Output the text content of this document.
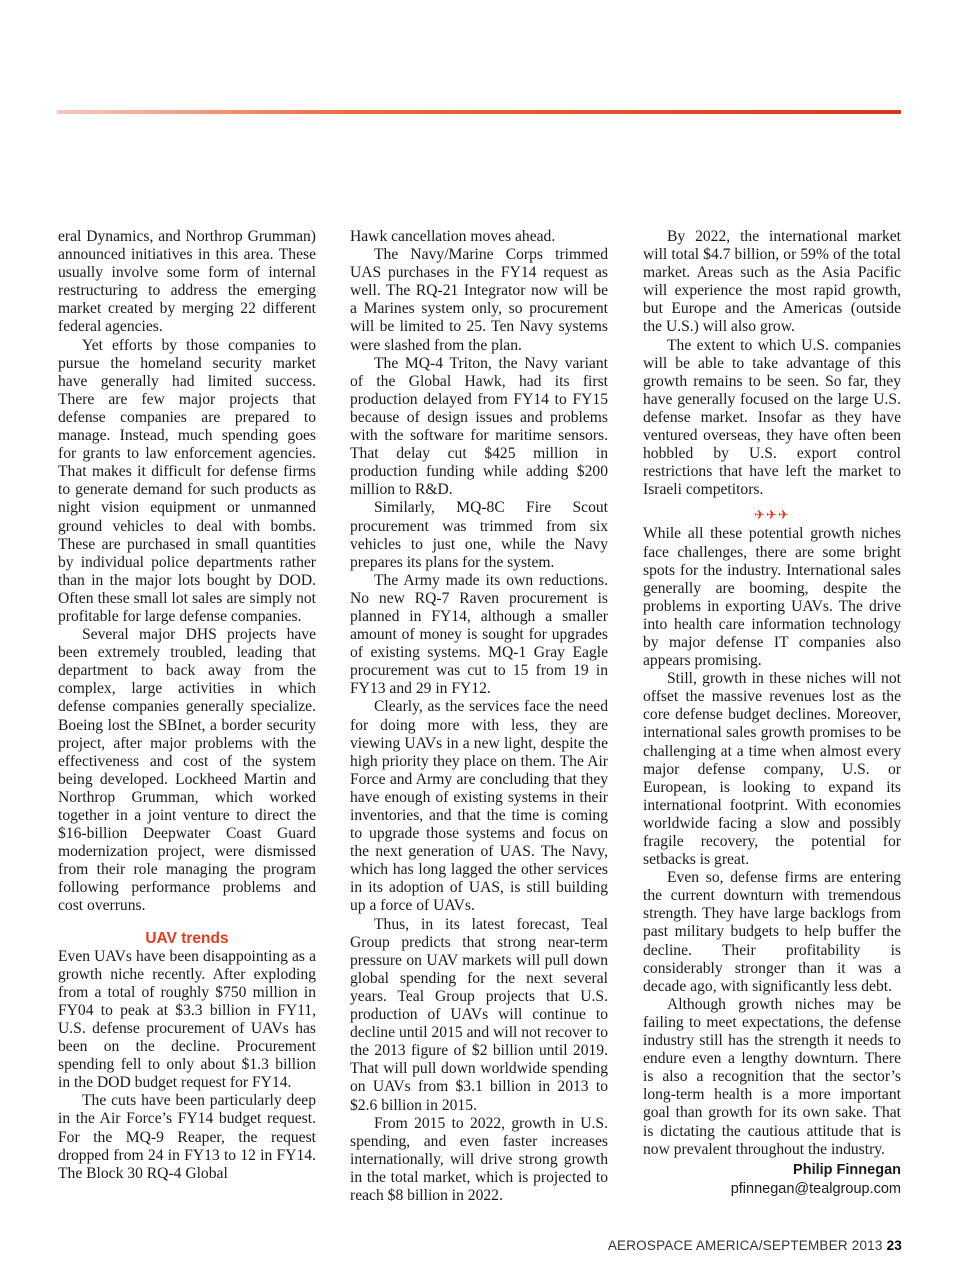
eral Dynamics, and Northrop Grumman) announced initiatives in this area. These usually involve some form of internal restructuring to address the emerging market created by merging 22 different federal agencies.

Yet efforts by those companies to pursue the homeland security market have generally had limited success. There are few major projects that defense companies are prepared to manage. Instead, much spending goes for grants to law enforcement agencies. That makes it difficult for defense firms to generate demand for such products as night vision equipment or unmanned ground vehicles to deal with bombs. These are purchased in small quantities by individual police departments rather than in the major lots bought by DOD. Often these small lot sales are simply not profitable for large defense companies.

Several major DHS projects have been extremely troubled, leading that department to back away from the complex, large activities in which defense companies generally specialize. Boeing lost the SBInet, a border security project, after major problems with the effectiveness and cost of the system being developed. Lockheed Martin and Northrop Grumman, which worked together in a joint venture to direct the $16-billion Deepwater Coast Guard modernization project, were dismissed from their role managing the program following performance problems and cost overruns.

UAV trends

Even UAVs have been disappointing as a growth niche recently. After exploding from a total of roughly $750 million in FY04 to peak at $3.3 billion in FY11, U.S. defense procurement of UAVs has been on the decline. Procurement spending fell to only about $1.3 billion in the DOD budget request for FY14.

The cuts have been particularly deep in the Air Force’s FY14 budget request. For the MQ-9 Reaper, the request dropped from 24 in FY13 to 12 in FY14. The Block 30 RQ-4 Global

Hawk cancellation moves ahead.

The Navy/Marine Corps trimmed UAS purchases in the FY14 request as well. The RQ-21 Integrator now will be a Marines system only, so procurement will be limited to 25. Ten Navy systems were slashed from the plan.

The MQ-4 Triton, the Navy variant of the Global Hawk, had its first production delayed from FY14 to FY15 because of design issues and problems with the software for maritime sensors. That delay cut $425 million in production funding while adding $200 million to R&D.

Similarly, MQ-8C Fire Scout procurement was trimmed from six vehicles to just one, while the Navy prepares its plans for the system.

The Army made its own reductions. No new RQ-7 Raven procurement is planned in FY14, although a smaller amount of money is sought for upgrades of existing systems. MQ-1 Gray Eagle procurement was cut to 15 from 19 in FY13 and 29 in FY12.

Clearly, as the services face the need for doing more with less, they are viewing UAVs in a new light, despite the high priority they place on them. The Air Force and Army are concluding that they have enough of existing systems in their inventories, and that the time is coming to upgrade those systems and focus on the next generation of UAS. The Navy, which has long lagged the other services in its adoption of UAS, is still building up a force of UAVs.

Thus, in its latest forecast, Teal Group predicts that strong near-term pressure on UAV markets will pull down global spending for the next several years. Teal Group projects that U.S. production of UAVs will continue to decline until 2015 and will not recover to the 2013 figure of $2 billion until 2019. That will pull down worldwide spending on UAVs from $3.1 billion in 2013 to $2.6 billion in 2015.

From 2015 to 2022, growth in U.S. spending, and even faster increases internationally, will drive strong growth in the total market, which is projected to reach $8 billion in 2022.

By 2022, the international market will total $4.7 billion, or 59% of the total market. Areas such as the Asia Pacific will experience the most rapid growth, but Europe and the Americas (outside the U.S.) will also grow.

The extent to which U.S. companies will be able to take advantage of this growth remains to be seen. So far, they have generally focused on the large U.S. defense market. Insofar as they have ventured overseas, they have often been hobbled by U.S. export control restrictions that have left the market to Israeli competitors.

✈✈✈

While all these potential growth niches face challenges, there are some bright spots for the industry. International sales generally are booming, despite the problems in exporting UAVs. The drive into health care information technology by major defense IT companies also appears promising.

Still, growth in these niches will not offset the massive revenues lost as the core defense budget declines. Moreover, international sales growth promises to be challenging at a time when almost every major defense company, U.S. or European, is looking to expand its international footprint. With economies worldwide facing a slow and possibly fragile recovery, the potential for setbacks is great.

Even so, defense firms are entering the current downturn with tremendous strength. They have large backlogs from past military budgets to help buffer the decline. Their profitability is considerably stronger than it was a decade ago, with significantly less debt.

Although growth niches may be failing to meet expectations, the defense industry still has the strength it needs to endure even a lengthy downturn. There is also a recognition that the sector’s long-term health is a more important goal than growth for its own sake. That is dictating the cautious attitude that is now prevalent throughout the industry.

Philip Finnegan
pfinnegan@tealgroup.com
AEROSPACE AMERICA/SEPTEMBER 2013 23
